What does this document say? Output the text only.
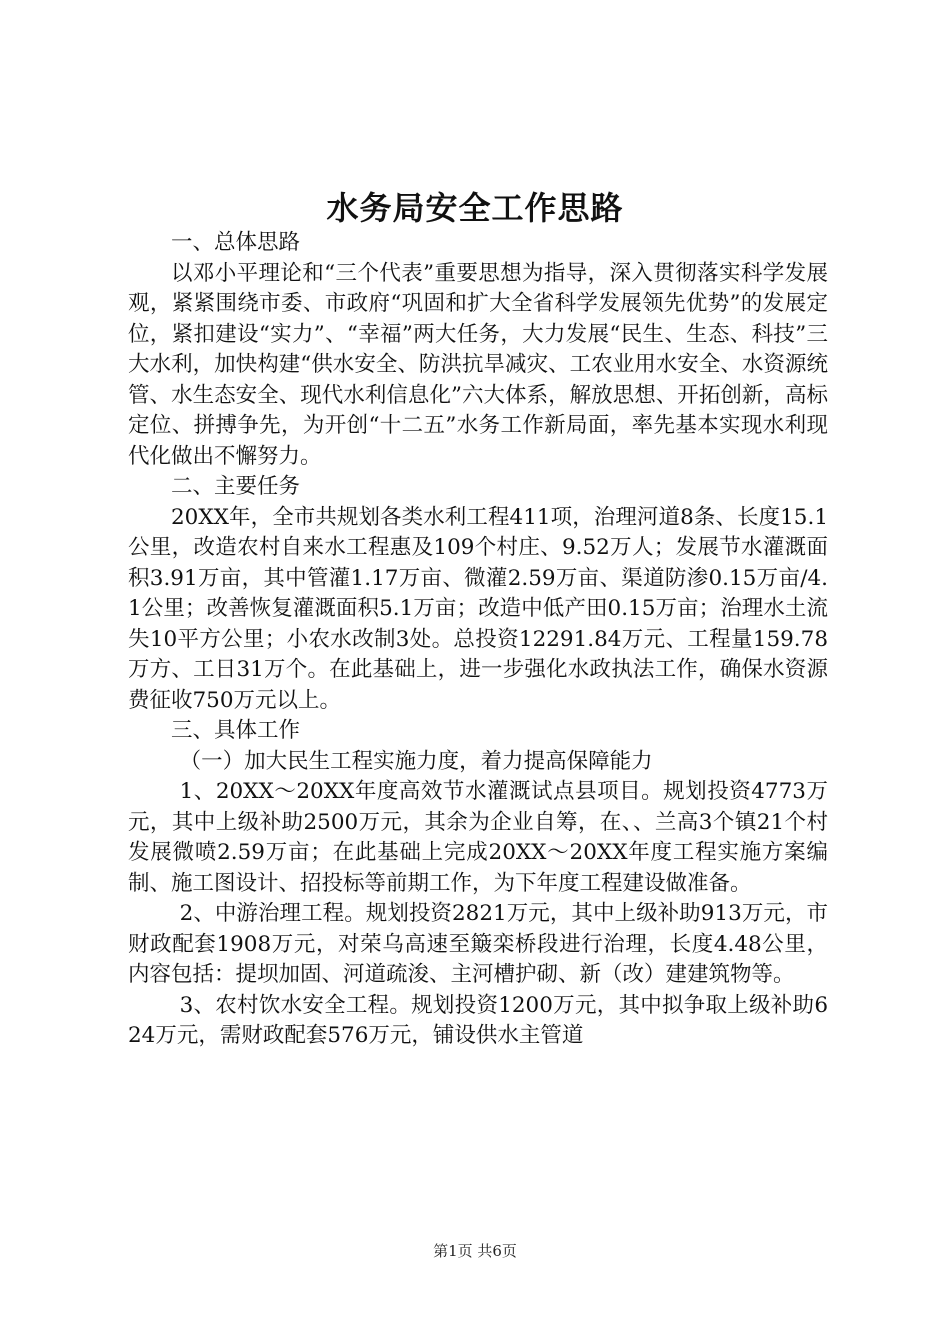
水务局安全工作思路

一、总体思路

以邓小平理论和“三个代表”重要思想为指导，深入贯彻落实科学发展观，紧紧围绕市委、市政府“巩固和扩大全省科学发展领先优势”的发展定位，紧扣建设“实力”、“幸福”两大任务，大力发展“民生、生态、科技”三大水利，加快构建“供水安全、防洪抗旱减灾、工农业用水安全、水资源统管、水生态安全、现代水利信息化”六大体系，解放思想、开拓创新，高标定位、拼搏争先，为开创“十二五”水务工作新局面，率先基本实现水利现代化做出不懈努力。

二、主要任务

20XX年，全市共规划各类水利工程411项，治理河道8条、长度15.1公里，改造农村自来水工程惠及109个村庄、9.52万人；发展节水灌溉面积3.91万亩，其中管灌1.17万亩、微灌2.59万亩、渠道防渗0.15万亩/4.1公里；改善恢复灌溉面积5.1万亩；改造中低产田0.15万亩；治理水土流失10平方公里；小农水改制3处。总投资12291.84万元、工程量159.78万方、工日31万个。在此基础上，进一步强化水政执法工作，确保水资源费征收750万元以上。

三、具体工作

（一）加大民生工程实施力度，着力提高保障能力

1、20XX～20XX年度高效节水灌溉试点县项目。规划投资4773万元，其中上级补助2500万元，其余为企业自筹，在、、兰高3个镇21个村发展微喷2.59万亩；在此基础上完成20XX～20XX年度工程实施方案编制、施工图设计、招投标等前期工作，为下年度工程建设做准备。

2、中游治理工程。规划投资2821万元，其中上级补助913万元，市财政配套1908万元，对荣乌高速至簸栾桥段进行治理，长度4.48公里，内容包括：提坝加固、河道疏浚、主河槽护砌、新（改）建建筑物等。

3、农村饮水安全工程。规划投资1200万元，其中拟争取上级补助624万元，需财政配套576万元，铺设供水主管道

第1页 共6页
